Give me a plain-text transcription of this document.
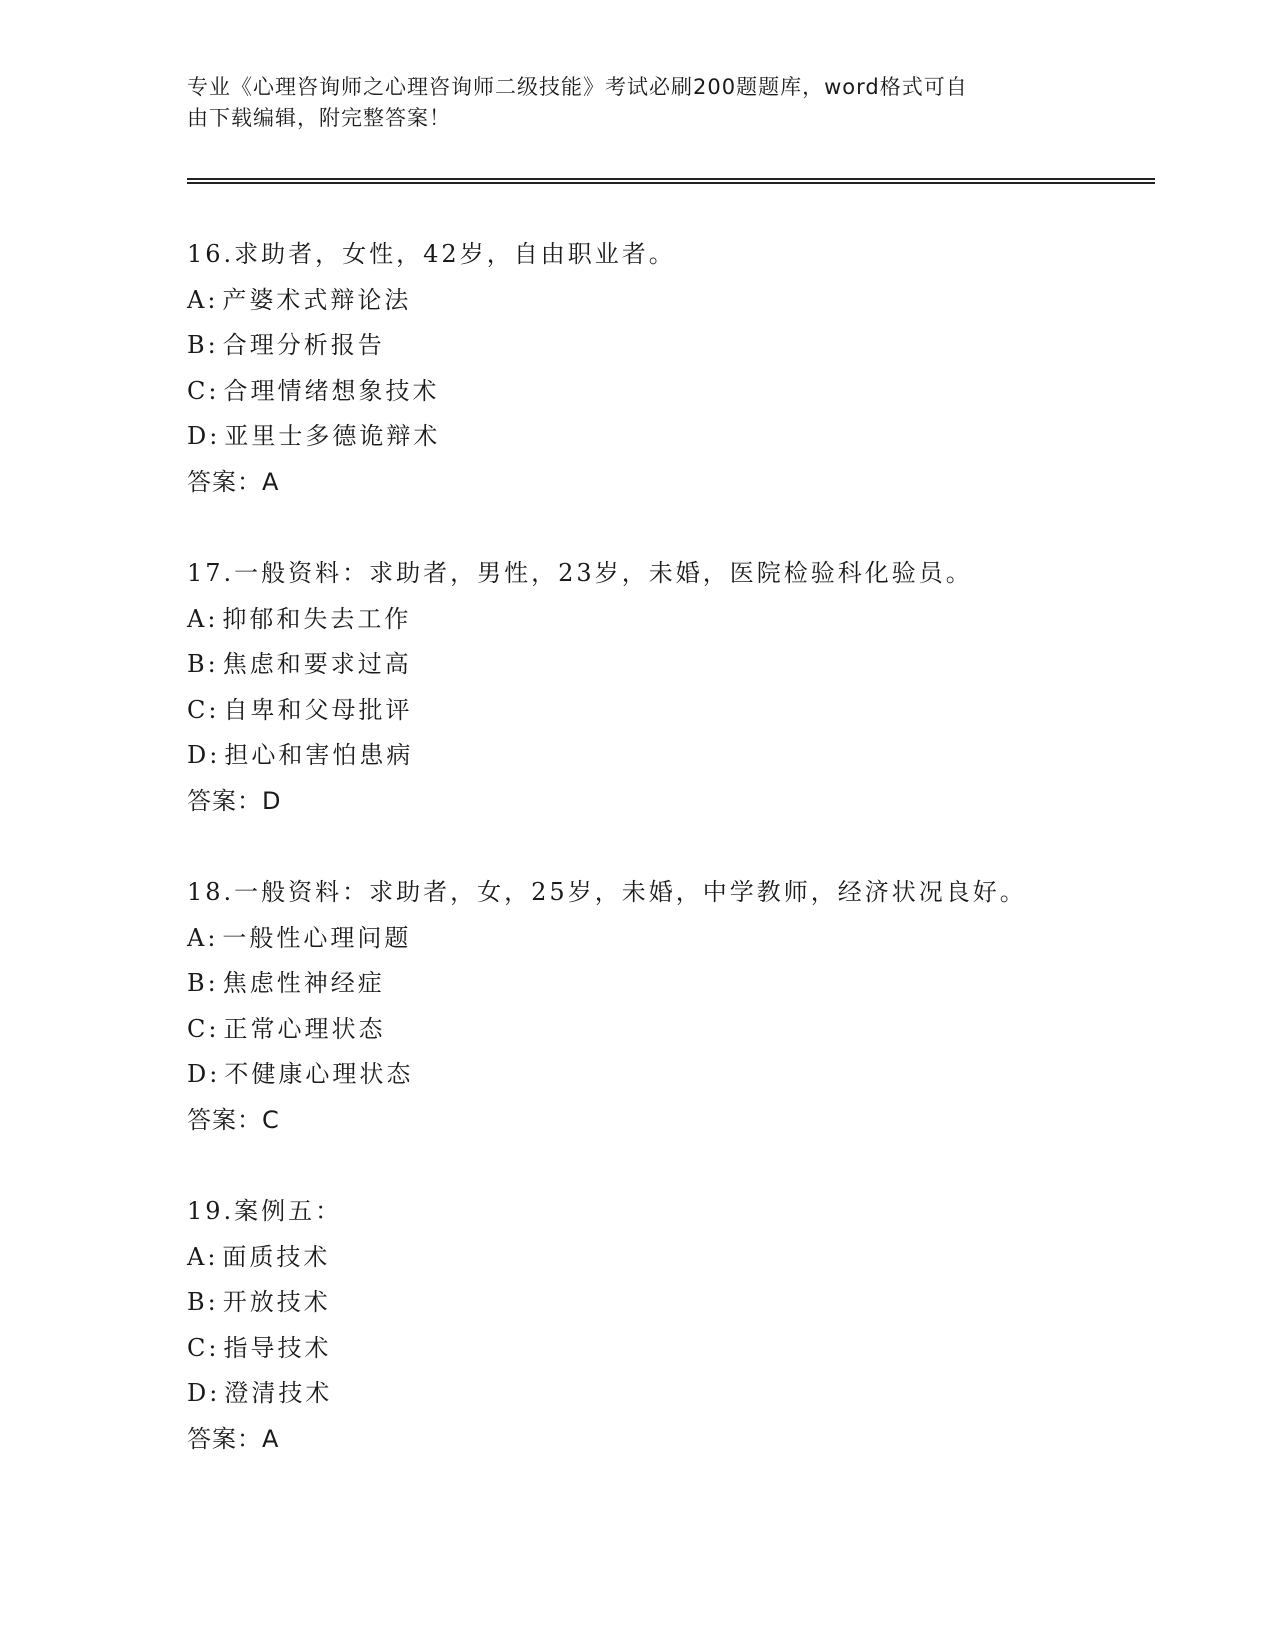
专业《心理咨询师之心理咨询师二级技能》考试必刷200题题库，word格式可自
由下载编辑，附完整答案！
16.求助者，女性，42岁，自由职业者。
A: 产婆术式辩论法
B: 合理分析报告
C: 合理情绪想象技术
D: 亚里士多德诡辩术
答案：A
17.一般资料：求助者，男性，23岁，未婚，医院检验科化验员。
A: 抑郁和失去工作
B: 焦虑和要求过高
C: 自卑和父母批评
D: 担心和害怕患病
答案：D
18.一般资料：求助者，女，25岁，未婚，中学教师，经济状况良好。
A: 一般性心理问题
B: 焦虑性神经症
C: 正常心理状态
D: 不健康心理状态
答案：C
19.案例五：
A: 面质技术
B: 开放技术
C: 指导技术
D: 澄清技术
答案：A
